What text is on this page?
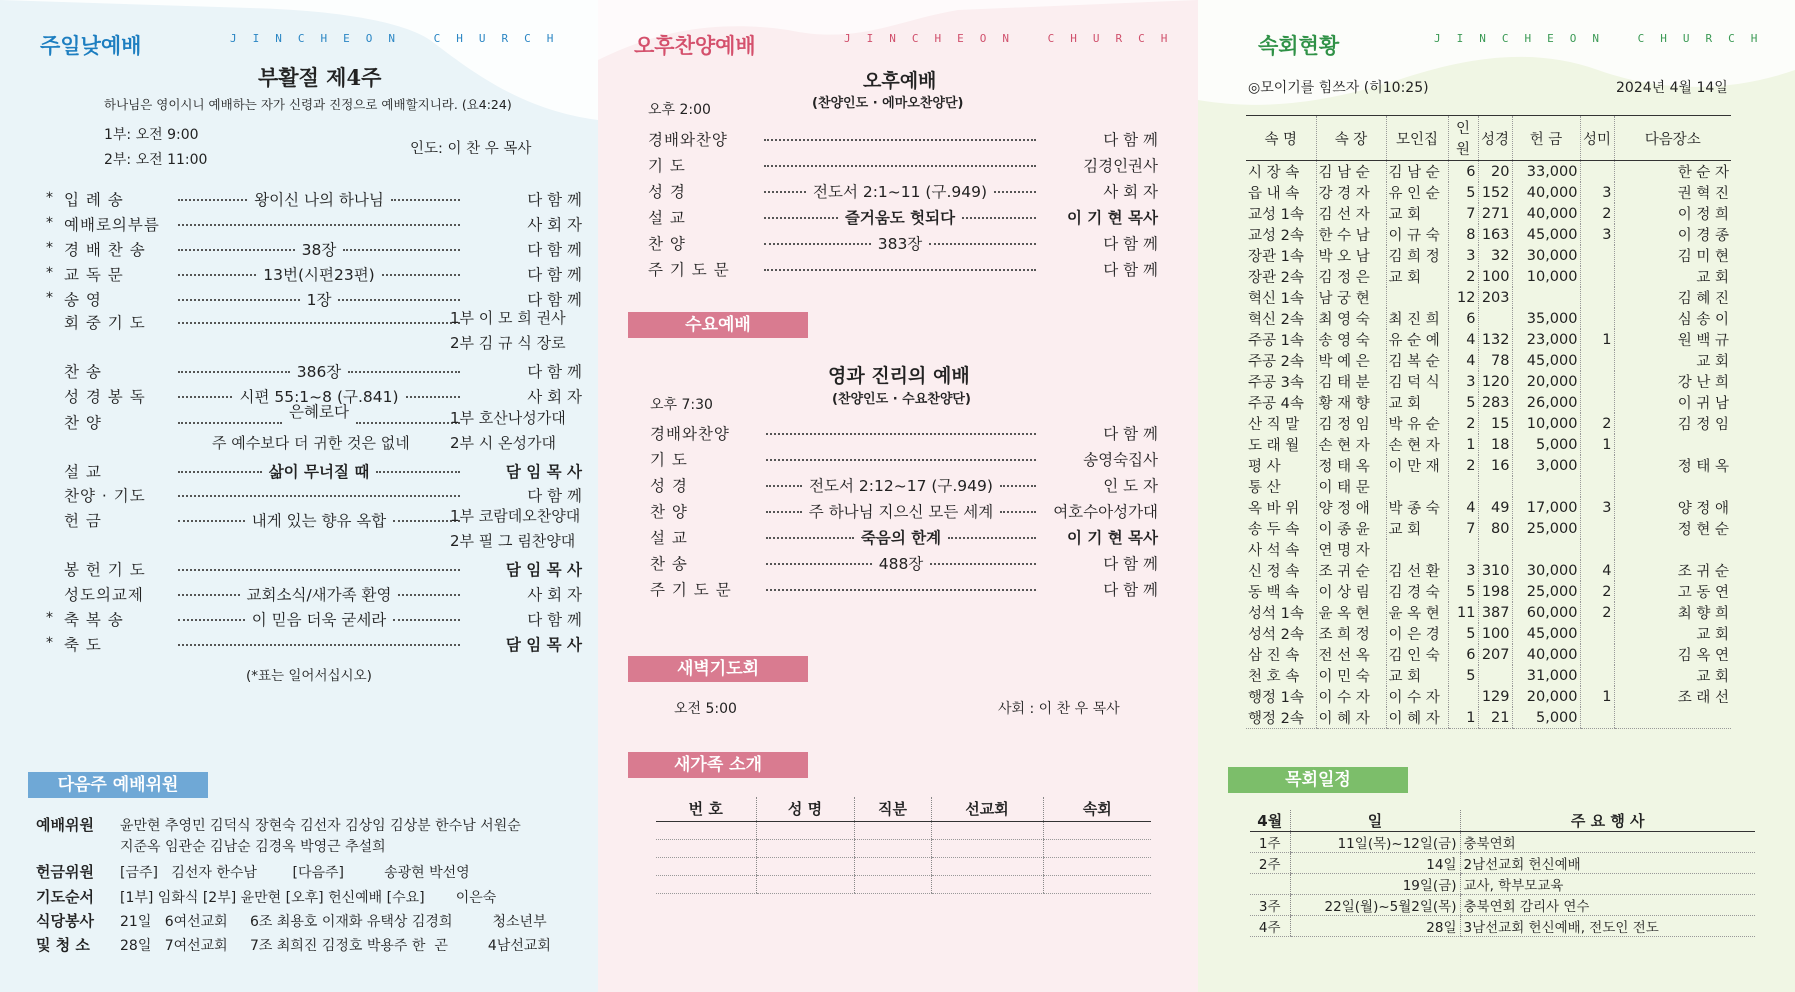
주일낮예배	JINCHEON CHURCH
부활절 제4주
하나님은 영이시니 예배하는 자가 신령과 진정으로 예배할지니라. (요4:24)
1부: 오전 9:00
2부: 오전 11:00
인도: 이 찬 우 목사
* 입 례 송	왕이신 나의 하나님	다 함 께
* 예배로의부름	사 회 자
* 경 배 찬 송	38장	다 함 께
* 교 독 문	13번(시편23편)	다 함 께
* 송 영	1장	다 함 께
회 중 기 도	1부 이 모 희 권사
2부 김 규 식 장로
찬 송	386장	다 함 께
성 경 봉 독	시편 55:1~8 (구.841)	사 회 자
찬 양
은혜로다	1부 호산나성가대
2부 시 온성가대
주 예수보다 더 귀한 것은 없네
설 교	삶이 무너질 때	담 임 목 사
찬양 · 기도	다 함 께
헌 금	내게 있는 향유 옥합	1부 코람데오찬양대
2부 필 그 림찬양대
봉 헌 기 도	담 임 목 사
성도의교제	교회소식/새가족 환영	사 회 자
* 축 복 송	이 믿음 더욱 굳세라	다 함 께
* 축 도	담 임 목 사
(*표는 일어서십시오)
다음주 예배위원
예배위원 윤만현 추영민 김덕식 장현숙 김선자 김상임 김상분 한수남 서원순
지준옥 임관순 김남순 김경옥 박영근 추설희
헌금위원 [금주]   김선자 한수남        [다음주]         송광현 박선영
기도순서 [1부] 임화식 [2부] 윤만현 [오후] 헌신예배 [수요]       이은숙
식당봉사 21일   6여선교회     6조 최용호 이재화 유택상 김경희         청소년부
및 청 소 28일   7여선교회     7조 최희진 김정호 박용주 한  곤         4남선교회
오후찬양예배	JINCHEON CHURCH
오후예배
(찬양인도 · 에마오찬양단)
오후 2:00
경배와찬양	다 함 께
기 도	김경인권사
성 경	전도서 2:1~11 (구.949)	사 회 자
설 교	즐거움도 헛되다	이 기 현 목사
찬 양	383장	다 함 께
주 기 도 문	다 함 께
수요예배
영과 진리의 예배
(찬양인도 · 수요찬양단)
오후 7:30
경배와찬양	다 함 께
기 도	송영숙집사
성 경	전도서 2:12~17 (구.949)	인 도 자
찬 양	주 하나님 지으신 모든 세계	여호수아성가대
설 교	죽음의 한계	이 기 현 목사
찬 송	488장	다 함 께
주 기 도 문	다 함 께
새벽기도회
오전 5:00	사회 : 이 찬 우 목사
새가족 소개
번 호	성 명	직분	선교회	속회

속회현황	JINCHEON CHURCH
◎모이기를 힘쓰자 (히10:25)	2024년 4월 14일
속 명	속 장	모인집	인원	성경	헌 금	성미	다음장소
시 장 속	김 남 순	김 남 순	6	20	33,000		한 순 자
읍 내 속	강 경 자	유 인 순	5	152	40,000	3	권 혁 진
교성 1속	김 선 자	교 회	7	271	40,000	2	이 정 희
교성 2속	한 수 남	이 규 숙	8	163	45,000	3	이 경 종
장관 1속	박 오 남	김 희 정	3	32	30,000		김 미 현
장관 2속	김 정 은	교 회	2	100	10,000		교 회
혁신 1속	남 궁 현		12	203			김 혜 진
혁신 2속	최 영 숙	최 진 희	6		35,000		심 송 이
주공 1속	송 영 숙	유 순 예	4	132	23,000	1	원 백 규
주공 2속	박 예 은	김 복 순	4	78	45,000		교 회
주공 3속	김 태 분	김 덕 식	3	120	20,000		강 난 희
주공 4속	황 재 향	교 회	5	283	26,000		이 귀 남
산 직 말	김 정 임	박 유 순	2	15	10,000	2	김 정 임
도 래 월	손 현 자	손 현 자	1	18	5,000	1	
평 사	정 태 옥	이 만 재	2	16	3,000		정 태 옥
통 산	이 태 문						
옥 바 위	양 정 애	박 종 숙	4	49	17,000	3	양 정 애
송 두 속	이 종 윤	교 회	7	80	25,000		정 현 순
사 석 속	연 명 자						
신 정 속	조 귀 순	김 선 환	3	310	30,000	4	조 귀 순
동 백 속	이 상 림	김 경 숙	5	198	25,000	2	고 동 연
성석 1속	윤 옥 현	윤 옥 현	11	387	60,000	2	최 향 희
성석 2속	조 희 정	이 은 경	5	100	45,000		교 회
삼 진 속	전 선 옥	김 인 숙	6	207	40,000		김 옥 연
천 호 속	이 민 숙	교 회	5		31,000		교 회
행정 1속	이 수 자	이 수 자		129	20,000	1	조 래 선
행정 2속	이 혜 자	이 혜 자	1	21	5,000		
목회일정
4월	일	주 요 행 사
1주	11일(목)~12일(금)	충북연회
2주	14일	2남선교회 헌신예배
	19일(금)	교사, 학부모교육
3주	22일(월)~5월2일(목)	충북연회 감리사 연수
4주	28일	3남선교회 헌신예배, 전도인 전도
